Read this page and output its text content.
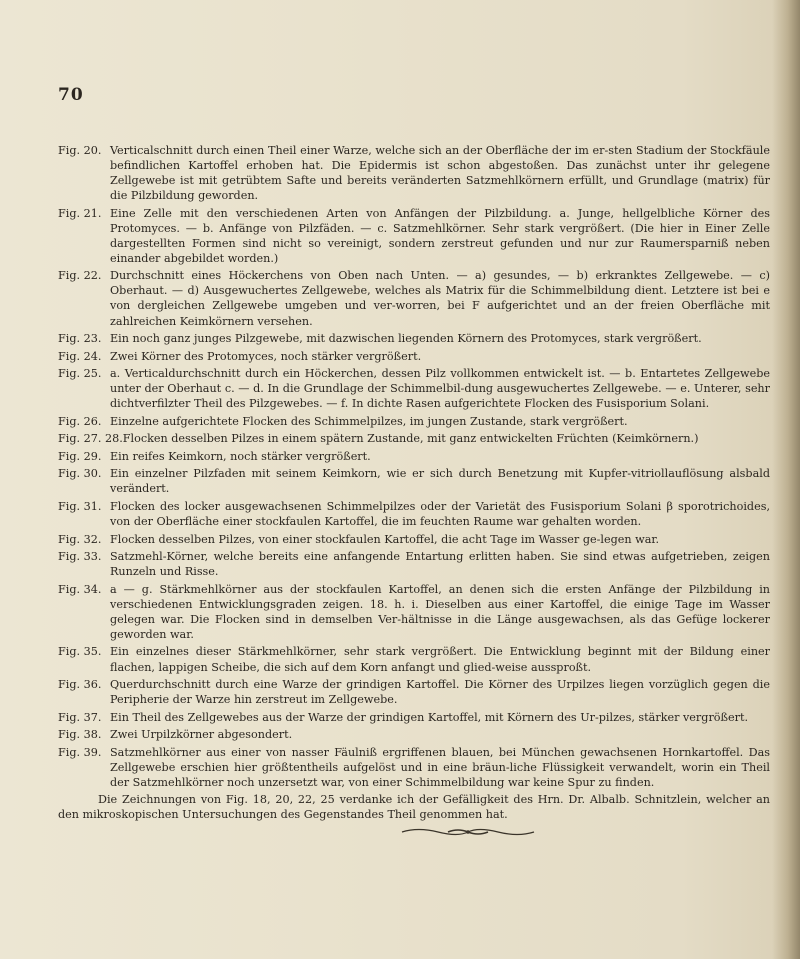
70
Fig. 20. Verticalschnitt durch einen Theil einer Warze, welche sich an der Oberfläche der im er-sten Stadium der Stockfäule befindlichen Kartoffel erhoben hat. Die Epidermis ist schon abgestoßen. Das zunächst unter ihr gelegene Zellgewebe ist mit getrübtem Safte und bereits veränderten Satzmehlkörnern erfüllt, und Grundlage (matrix) für die Pilzbildung geworden.
Fig. 21. Eine Zelle mit den verschiedenen Arten von Anfängen der Pilzbildung. a. Junge, hellgelbliche Körner des Protomyces. — b. Anfänge von Pilzfäden. — c. Satzmehlkörner. Sehr stark vergrößert. (Die hier in Einer Zelle dargestellten Formen sind nicht so vereinigt, sondern zerstreut gefunden und nur zur Raumersparniß neben einander abgebildet worden.)
Fig. 22. Durchschnitt eines Höckerchens von Oben nach Unten. — a) gesundes, — b) erkranktes Zellgewebe. — c) Oberhaut. — d) Ausgewuchertes Zellgewebe, welches als Matrix für die Schimmelbildung dient. Letztere ist bei e von dergleichen Zellgewebe umgeben und ver-worren, bei F aufgerichtet und an der freien Oberfläche mit zahlreichen Keimkörnern versehen.
Fig. 23. Ein noch ganz junges Pilzgewebe, mit dazwischen liegenden Körnern des Protomyces, stark vergrößert.
Fig. 24. Zwei Körner des Protomyces, noch stärker vergrößert.
Fig. 25. a. Verticaldurchschnitt durch ein Höckerchen, dessen Pilz vollkommen entwickelt ist. — b. Entartetes Zellgewebe unter der Oberhaut c. — d. In die Grundlage der Schimmelbil-dung ausgewuchertes Zellgewebe. — e. Unterer, sehr dichtverfilzter Theil des Pilzgewebes. — f. In dichte Rasen aufgerichtete Flocken des Fusisporium Solani.
Fig. 26. Einzelne aufgerichtete Flocken des Schimmelpilzes, im jungen Zustande, stark vergrößert.
Fig. 27. 28. Flocken desselben Pilzes in einem spätern Zustande, mit ganz entwickelten Früchten (Keimkörnern.)
Fig. 29. Ein reifes Keimkorn, noch stärker vergrößert.
Fig. 30. Ein einzelner Pilzfaden mit seinem Keimkorn, wie er sich durch Benetzung mit Kupfer-vitriollauflösung alsbald verändert.
Fig. 31. Flocken des locker ausgewachsenen Schimmelpilzes oder der Varietät des Fusisporium Solani β sporotrichoides, von der Oberfläche einer stockfaulen Kartoffel, die im feuchten Raume war gehalten worden.
Fig. 32. Flocken desselben Pilzes, von einer stockfaulen Kartoffel, die acht Tage im Wasser ge-legen war.
Fig. 33. Satzmehl-Körner, welche bereits eine anfangende Entartung erlitten haben. Sie sind etwas aufgetrieben, zeigen Runzeln und Risse.
Fig. 34. a — g. Stärkmehlkörner aus der stockfaulen Kartoffel, an denen sich die ersten Anfänge der Pilzbildung in verschiedenen Entwicklungsgraden zeigen. 18. h. i. Dieselben aus einer Kartoffel, die einige Tage im Wasser gelegen war. Die Flocken sind in demselben Ver-hältnisse in die Länge ausgewachsen, als das Gefüge lockerer geworden war.
Fig. 35. Ein einzelnes dieser Stärkmehlkörner, sehr stark vergrößert. Die Entwicklung beginnt mit der Bildung einer flachen, lappigen Scheibe, die sich auf dem Korn anfangt und glied-weise aussproßt.
Fig. 36. Querdurchschnitt durch eine Warze der grindigen Kartoffel. Die Körner des Urpilzes liegen vorzüglich gegen die Peripherie der Warze hin zerstreut im Zellgewebe.
Fig. 37. Ein Theil des Zellgewebes aus der Warze der grindigen Kartoffel, mit Körnern des Ur-pilzes, stärker vergrößert.
Fig. 38. Zwei Urpilzkörner abgesondert.
Fig. 39. Satzmehlkörner aus einer von nasser Fäulniß ergriffenen blauen, bei München gewachsenen Hornkartoffel. Das Zellgewebe erschien hier größtentheils aufgelöst und in eine bräun-liche Flüssigkeit verwandelt, worin ein Theil der Satzmehlkörner noch unzersetzt war, von einer Schimmelbildung war keine Spur zu finden.
Die Zeichnungen von Fig. 18, 20, 22, 25 verdanke ich der Gefälligkeit des Hrn. Dr. Albalb. Schnitzlein, welcher an den mikroskopischen Untersuchungen des Gegenstandes Theil genommen hat.
